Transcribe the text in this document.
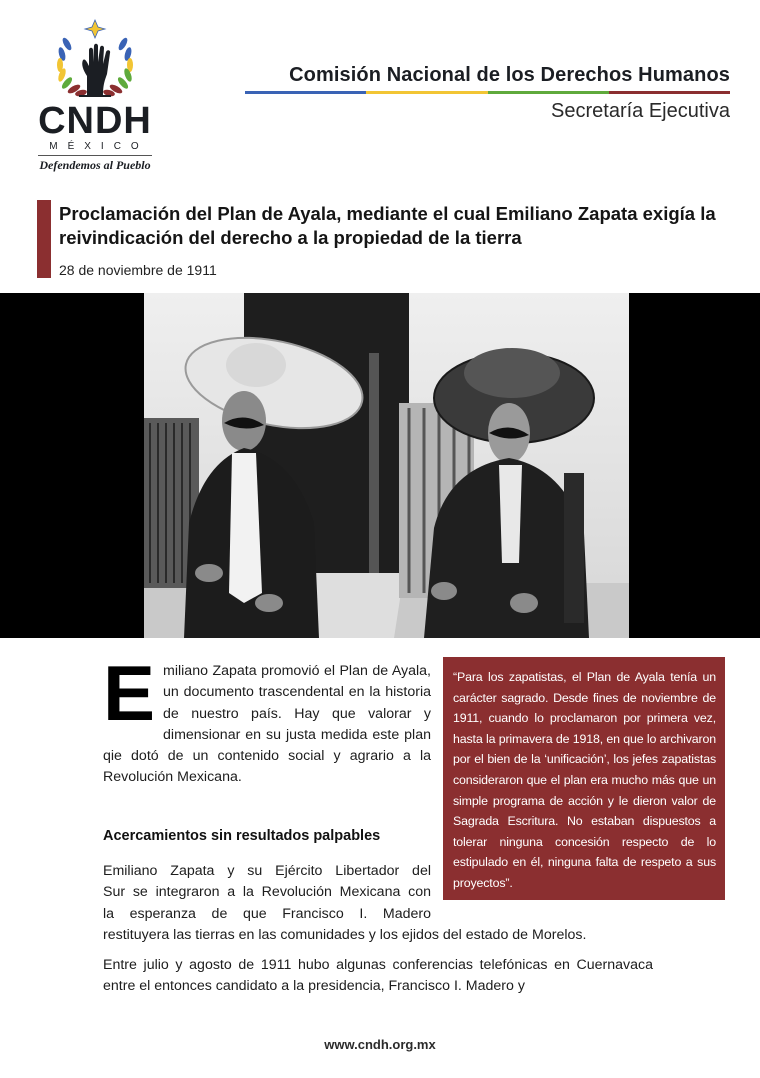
CNDH
MÉXICO
Defendemos al Pueblo
Comisión Nacional de los Derechos Humanos
Secretaría Ejecutiva
Proclamación del Plan de Ayala, mediante el cual Emiliano Zapata exigía la reivindicación del derecho a la propiedad de la tierra
28 de noviembre de 1911
Emiliano Zapata promovió el Plan de Ayala, un documento trascendental en la historia de nuestro país. Hay que valorar y dimensionar en su justa medida este plan qie dotó de un contenido social y agrario a la Revolución Mexicana.
Acercamientos sin resultados palpables
Emiliano Zapata y su Ejército Libertador del
Sur se integraron a la Revolución Mexicana con
la esperanza de que Francisco I. Madero
restituyera las tierras en las comunidades y los ejidos del estado de Morelos.

Entre julio y agosto de 1911 hubo algunas conferencias telefónicas en Cuernavaca entre el entonces candidato a la presidencia, Francisco I. Madero y

“Para los zapatistas, el Plan de Ayala tenía un carácter sagrado. Desde fines de noviembre de 1911, cuando lo proclamaron por primera vez, hasta la primavera de 1918, en que lo archivaron por el bien de la ‘unificación’, los jefes zapatistas consideraron que el plan era mucho más que un simple programa de acción y le dieron valor de Sagrada Escritura. No estaban dispuestos a tolerar ninguna concesión respecto de lo estipulado en él, ninguna falta de respeto a sus proyectos”.

John Womack Jr.
Historiador
www.cndh.org.mx
